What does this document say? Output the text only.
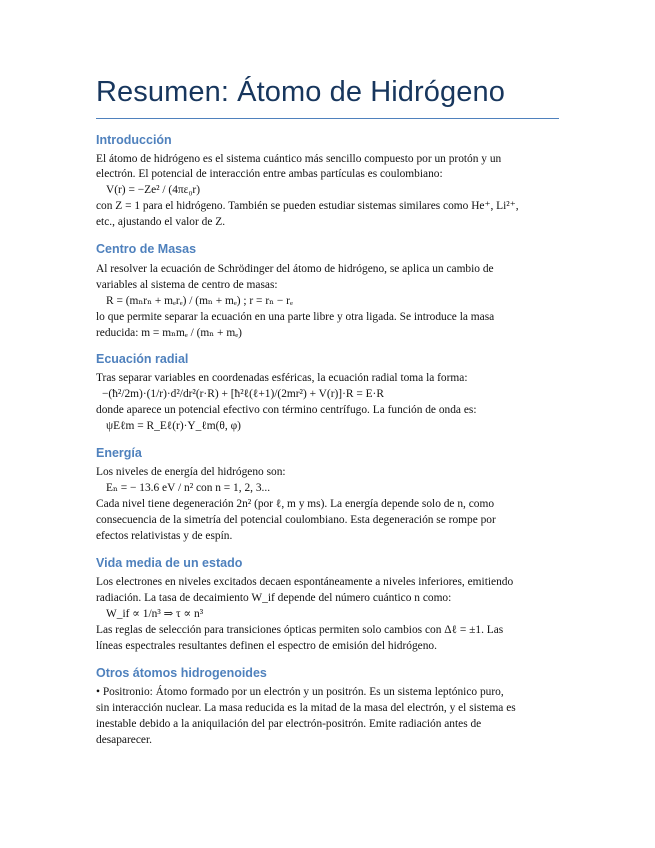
Resumen: Átomo de Hidrógeno
Introducción
El átomo de hidrógeno es el sistema cuántico más sencillo compuesto por un protón y un
electrón. El potencial de interacción entre ambas partículas es coulombiano:
V(r) = −Ze² / (4πε₀r)
con Z = 1 para el hidrógeno. También se pueden estudiar sistemas similares como He⁺, Li²⁺,
etc., ajustando el valor de Z.
Centro de Masas
Al resolver la ecuación de Schrödinger del átomo de hidrógeno, se aplica un cambio de
variables al sistema de centro de masas:
R = (mₙrₙ + mₑrₑ) / (mₙ + mₑ) ; r = rₙ − rₑ
lo que permite separar la ecuación en una parte libre y otra ligada. Se introduce la masa
reducida: m = mₙmₑ / (mₙ + mₑ)
Ecuación radial
Tras separar variables en coordenadas esféricas, la ecuación radial toma la forma:
−(ħ²/2m)·(1/r)·d²/dr²(r·R) + [ħ²ℓ(ℓ+1)/(2mr²) + V(r)]·R = E·R
donde aparece un potencial efectivo con término centrífugo. La función de onda es:
ψEℓm = R_Eℓ(r)·Y_ℓm(θ, φ)
Energía
Los niveles de energía del hidrógeno son:
Eₙ = − 13.6 eV / n² con n = 1, 2, 3...
Cada nivel tiene degeneración 2n² (por ℓ, m y ms). La energía depende solo de n, como
consecuencia de la simetría del potencial coulombiano. Esta degeneración se rompe por
efectos relativistas y de espín.
Vida media de un estado
Los electrones en niveles excitados decaen espontáneamente a niveles inferiores, emitiendo
radiación. La tasa de decaimiento W_if depende del número cuántico n como:
W_if ∝ 1/n³ ⇒ τ ∝ n³
Las reglas de selección para transiciones ópticas permiten solo cambios con Δℓ = ±1. Las
líneas espectrales resultantes definen el espectro de emisión del hidrógeno.
Otros átomos hidrogenoides
• Positronio: Átomo formado por un electrón y un positrón. Es un sistema leptónico puro,
sin interacción nuclear. La masa reducida es la mitad de la masa del electrón, y el sistema es
inestable debido a la aniquilación del par electrón-positrón. Emite radiación antes de
desaparecer.
